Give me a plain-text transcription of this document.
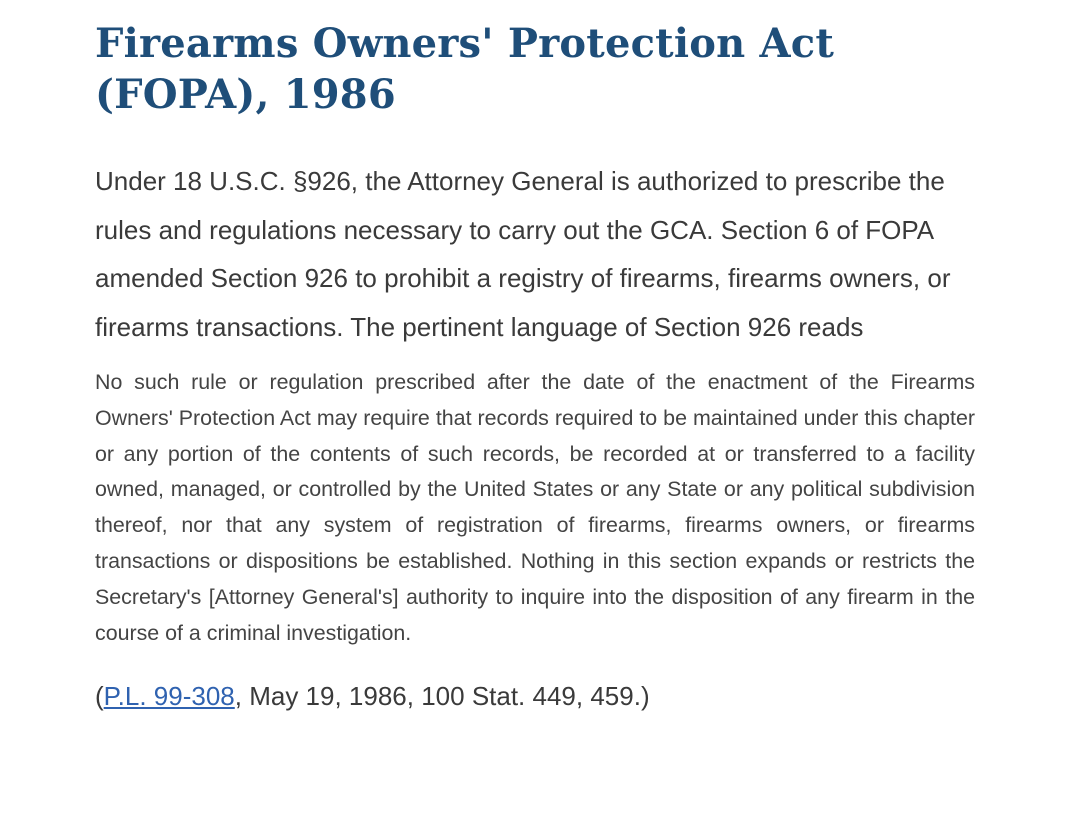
Firearms Owners' Protection Act (FOPA), 1986

Under 18 U.S.C. §926, the Attorney General is authorized to prescribe the rules and regulations necessary to carry out the GCA. Section 6 of FOPA amended Section 926 to prohibit a registry of firearms, firearms owners, or firearms transactions. The pertinent language of Section 926 reads

No such rule or regulation prescribed after the date of the enactment of the Firearms Owners' Protection Act may require that records required to be maintained under this chapter or any portion of the contents of such records, be recorded at or transferred to a facility owned, managed, or controlled by the United States or any State or any political subdivision thereof, nor that any system of registration of firearms, firearms owners, or firearms transactions or dispositions be established. Nothing in this section expands or restricts the Secretary's [Attorney General's] authority to inquire into the disposition of any firearm in the course of a criminal investigation.

(P.L. 99-308, May 19, 1986, 100 Stat. 449, 459.)
